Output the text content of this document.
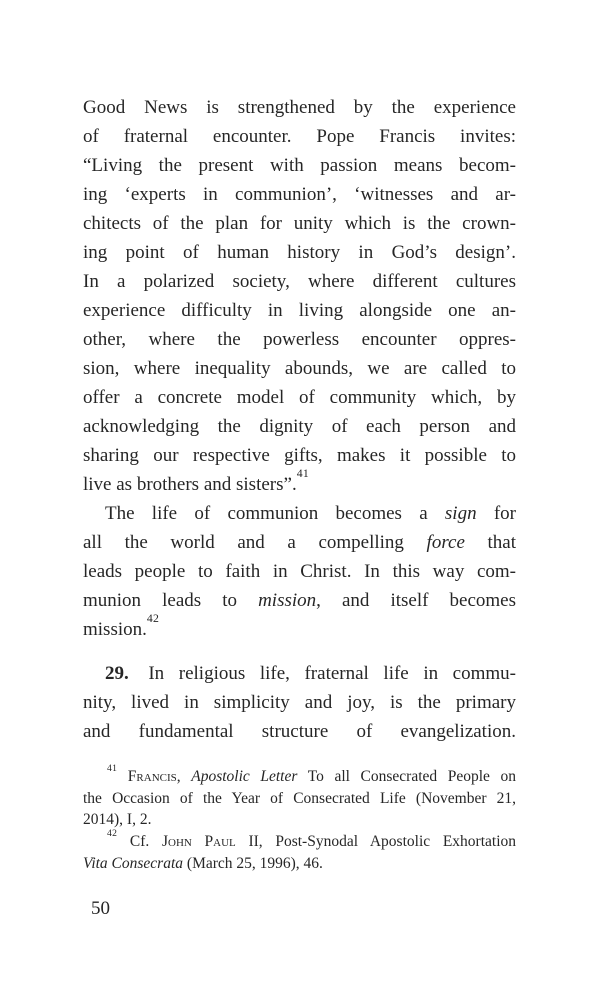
Good News is strengthened by the experience
of fraternal encounter. Pope Francis invites:
“Living the present with passion means becom-
ing ‘experts in communion’, ‘witnesses and ar-
chitects of the plan for unity which is the crown-
ing point of human history in God’s design’.
In a polarized society, where different cultures
experience difficulty in living alongside one an-
other, where the powerless encounter oppres-
sion, where inequality abounds, we are called to
offer a concrete model of community which, by
acknowledging the dignity of each person and
sharing our respective gifts, makes it possible to
live as brothers and sisters”.$^{41}$
The life of communion becomes a sign for
all the world and a compelling force that
leads people to faith in Christ. In this way com-
munion leads to mission, and itself becomes
mission.$^{42}$
29. In religious life, fraternal life in commu-
nity, lived in simplicity and joy, is the primary
and fundamental structure of evangelization.
$^{41}$ Francis, Apostolic Letter To all Consecrated People on
the Occasion of the Year of Consecrated Life (November 21,
2014), I, 2.
$^{42}$ Cf. John Paul II, Post-Synodal Apostolic Exhortation
Vita Consecrata (March 25, 1996), 46.
50
